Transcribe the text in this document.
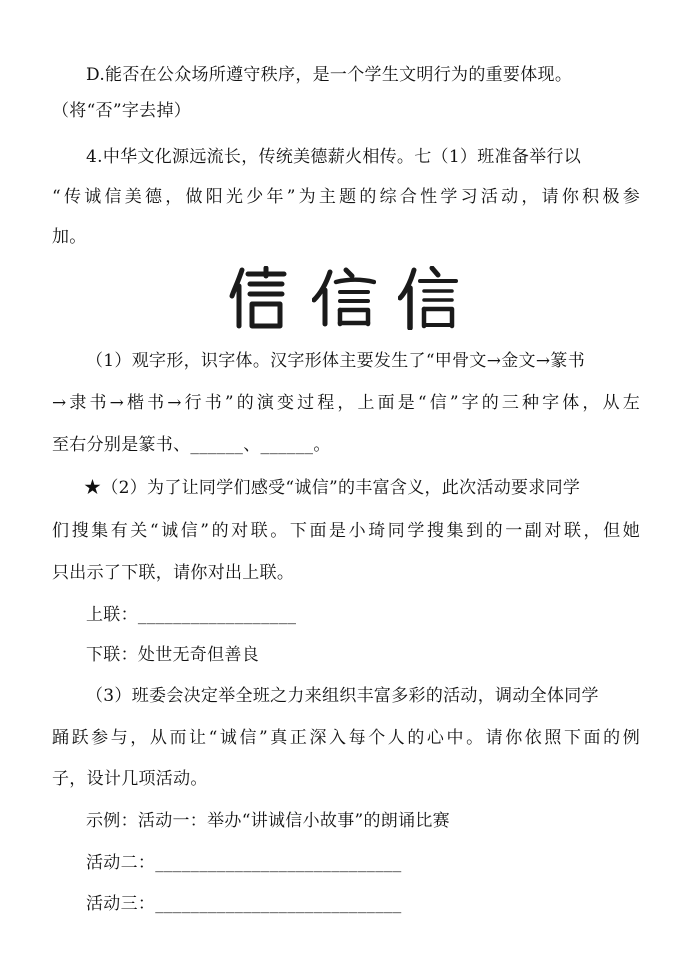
D.能否在公众场所遵守秩序，是一个学生文明行为的重要体现。
（将“否”字去掉）
4.中华文化源远流长，传统美德薪火相传。七（1）班准备举行以
“传诚信美德，做阳光少年”为主题的综合性学习活动，请你积极参
加。
（1）观字形，识字体。汉字形体主要发生了“甲骨文→金文→篆书
→隶书→楷书→行书”的演变过程，上面是“信”字的三种字体，从左
至右分别是篆书、______、______。
★（2）为了让同学们感受“诚信”的丰富含义，此次活动要求同学
们搜集有关“诚信”的对联。下面是小琦同学搜集到的一副对联，但她
只出示了下联，请你对出上联。
上联：__________________
下联：处世无奇但善良
（3）班委会决定举全班之力来组织丰富多彩的活动，调动全体同学
踊跃参与，从而让“诚信”真正深入每个人的心中。请你依照下面的例
子，设计几项活动。
示例：活动一：举办“讲诚信小故事”的朗诵比赛
活动二：____________________________
活动三：____________________________
